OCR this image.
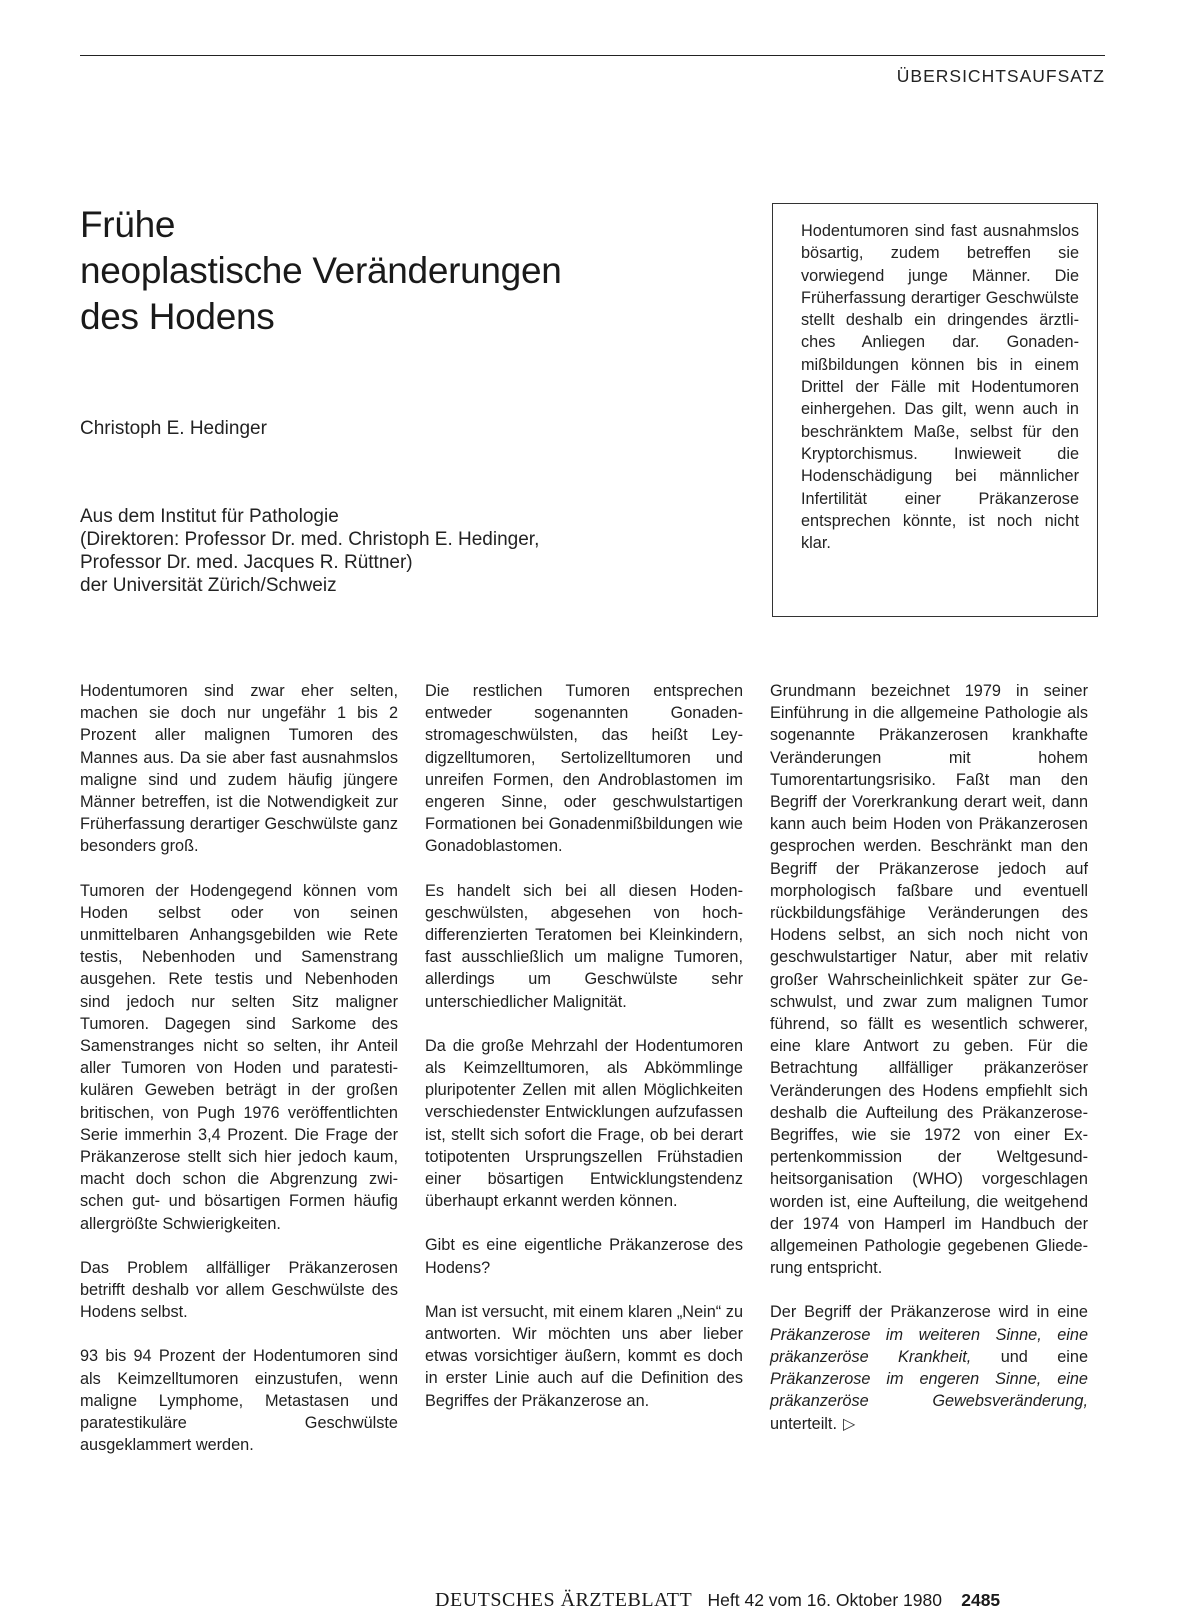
ÜBERSICHTSAUFSATZ
Frühe
neoplastische Veränderungen
des Hodens
Christoph E. Hedinger
Aus dem Institut für Pathologie
(Direktoren: Professor Dr. med. Christoph E. Hedinger,
Professor Dr. med. Jacques R. Rüttner)
der Universität Zürich/Schweiz

Hodentumoren sind fast ausnahmslos bösartig, zudem betreffen sie vorwiegend junge Männer. Die Früherfassung derartiger Geschwülste stellt deshalb ein dringendes ärztliches Anliegen dar. Gonadenmißbildungen können bis in einem Drittel der Fälle mit Hodentumoren einhergehen. Das gilt, wenn auch in beschränktem Maße, selbst für den Kryptorchismus. Inwieweit die Hodenschädigung bei männlicher Infertilität einer Präkanzerose entsprechen könnte, ist noch nicht klar.

Hodentumoren sind zwar eher selten, machen sie doch nur ungefähr 1 bis 2 Prozent aller malignen Tumoren des Mannes aus. Da sie aber fast ausnahmslos maligne sind und zudem häufig jüngere Männer betreffen, ist die Notwendigkeit zur Früherfassung derartiger Geschwülste ganz besonders groß.

Tumoren der Hodengegend können vom Hoden selbst oder von seinen unmittelbaren Anhangsgebilden wie Rete testis, Nebenhoden und Samenstrang ausgehen. Rete testis und Nebenhoden sind jedoch nur selten Sitz maligner Tumoren. Dagegen sind Sarkome des Samenstranges nicht so selten, ihr Anteil aller Tumoren von Hoden und paratestikulären Geweben beträgt in der großen britischen, von Pugh 1976 veröffentlichten Serie immerhin 3,4 Prozent. Die Frage der Präkanzerose stellt sich hier jedoch kaum, macht doch schon die Abgrenzung zwischen gut- und bösartigen Formen häufig allergrößte Schwierigkeiten.

Das Problem allfälliger Präkanzerosen betrifft deshalb vor allem Geschwülste des Hodens selbst.

93 bis 94 Prozent der Hodentumoren sind als Keimzelltumoren einzustufen, wenn maligne Lymphome, Metastasen und paratestikuläre Geschwülste ausgeklammert werden.

Die restlichen Tumoren entsprechen entweder sogenannten Gonadenstromageschwülsten, das heißt Leydigzelltumoren, Sertolizelltumoren und unreifen Formen, den Androblastomen im engeren Sinne, oder geschwulstartigen Formationen bei Gonadenmißbildungen wie Gonadoblastomen.

Es handelt sich bei all diesen Hodengeschwülsten, abgesehen von hochdifferenzierten Teratomen bei Kleinkindern, fast ausschließlich um maligne Tumoren, allerdings um Geschwülste sehr unterschiedlicher Malignität.

Da die große Mehrzahl der Hodentumoren als Keimzelltumoren, als Abkömmlinge pluripotenter Zellen mit allen Möglichkeiten verschiedenster Entwicklungen aufzufassen ist, stellt sich sofort die Frage, ob bei derart totipotenten Ursprungszellen Frühstadien einer bösartigen Entwicklungstendenz überhaupt erkannt werden können.

Gibt es eine eigentliche Präkanzerose des Hodens?

Man ist versucht, mit einem klaren „Nein“ zu antworten. Wir möchten uns aber lieber etwas vorsichtiger äußern, kommt es doch in erster Linie auch auf die Definition des Begriffes der Präkanzerose an.

Grundmann bezeichnet 1979 in seiner Einführung in die allgemeine Pathologie als sogenannte Präkanzerosen krankhafte Veränderungen mit hohem Tumorentartungsrisiko. Faßt man den Begriff der Vorerkrankung derart weit, dann kann auch beim Hoden von Präkanzerosen gesprochen werden. Beschränkt man den Begriff der Präkanzerose jedoch auf morphologisch faßbare und eventuell rückbildungsfähige Veränderungen des Hodens selbst, an sich noch nicht von geschwulstartiger Natur, aber mit relativ großer Wahrscheinlichkeit später zur Geschwulst, und zwar zum malignen Tumor führend, so fällt es wesentlich schwerer, eine klare Antwort zu geben. Für die Betrachtung allfälliger präkanzeröser Veränderungen des Hodens empfiehlt sich deshalb die Aufteilung des Präkanzerose-Begriffes, wie sie 1972 von einer Expertenkommission der Weltgesundheitsorganisation (WHO) vorgeschlagen worden ist, eine Aufteilung, die weitgehend der 1974 von Hamperl im Handbuch der allgemeinen Pathologie gegebenen Gliederung entspricht.

Der Begriff der Präkanzerose wird in eine Präkanzerose im weiteren Sinne, eine präkanzeröse Krankheit, und eine Präkanzerose im engeren Sinne, eine präkanzeröse Gewebsveränderung, unterteilt. ▷

DEUTSCHES ÄRZTEBLATT Heft 42 vom 16. Oktober 1980 2485
